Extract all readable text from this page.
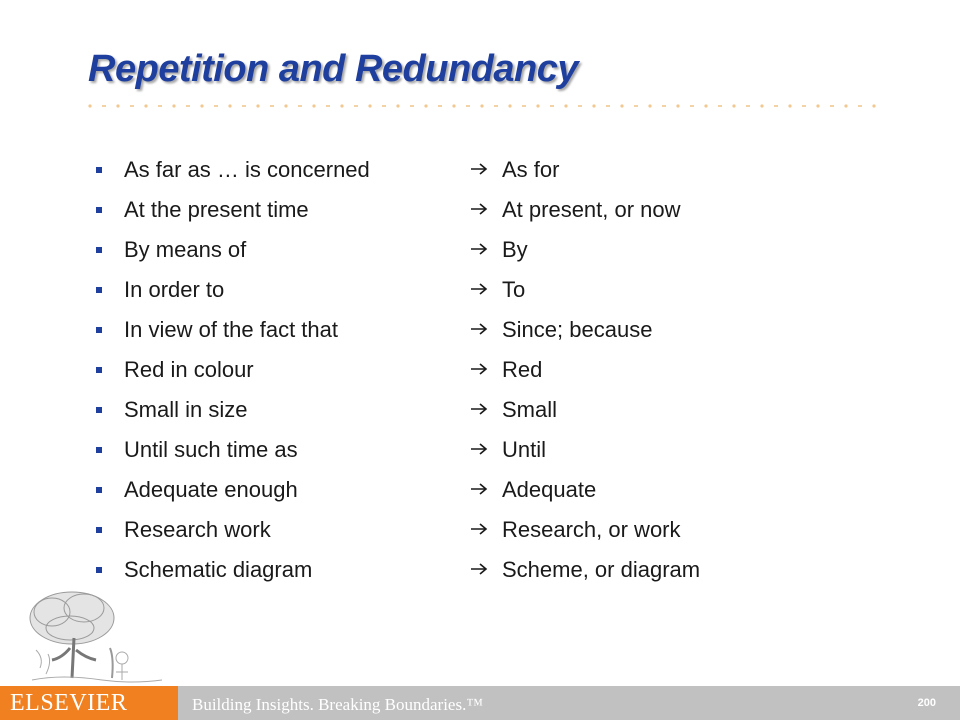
Repetition and Redundancy
As far as … is concerned	As for
At the present time	At present, or now
By means of	By
In order to	To
In view of the fact that	Since; because
Red in colour	Red
Small in size	Small
Until such time as	Until
Adequate enough	Adequate
Research work	Research, or work
Schematic diagram	Scheme, or diagram
ELSEVIER	Building Insights. Breaking Boundaries.™	200
